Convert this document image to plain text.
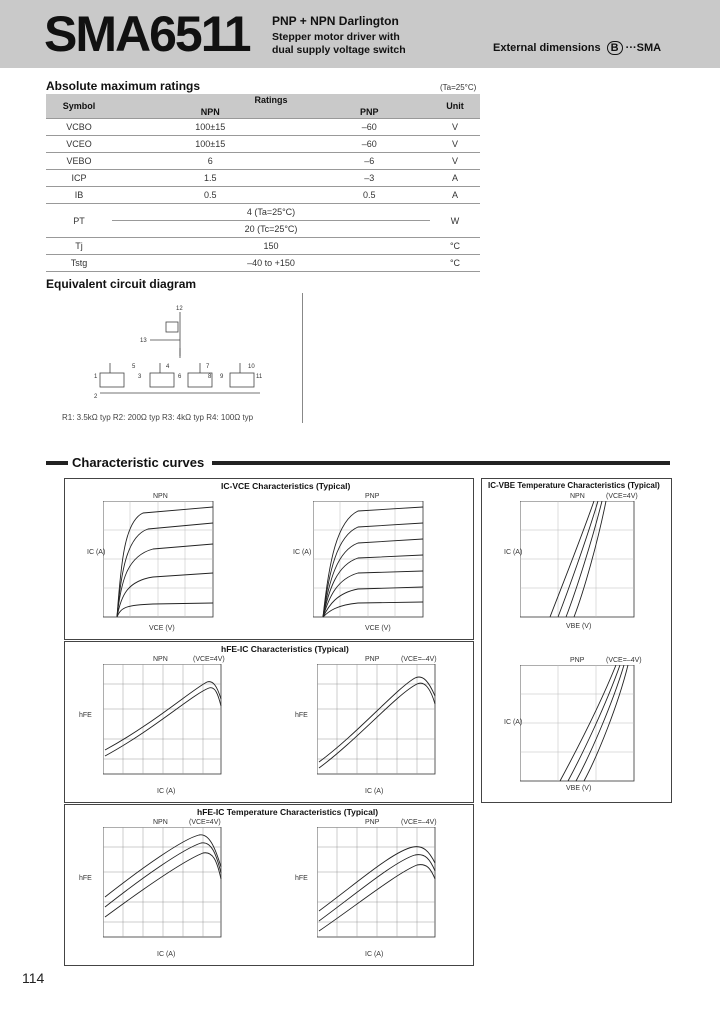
SMA6511 PNP + NPN Darlington
Stepper motor driver with
dual supply voltage switch	External dimensions B ···SMA
Absolute maximum ratings	(Ta=25°C)
Symbol	Ratings		Unit
	NPN	PNP	
VCBO	100±15	–60	V
VCEO	100±15	–60	V
VEBO	6	–6	V
ICP	1.5	–3	A
IB	0.5	0.5	A
PT	4 (Ta=25°C)		W
	20 (Tc=25°C)		
Tj	150		°C
Tstg	–40 to +150		°C
Equivalent circuit diagram
12
13
1
2
3
4
5
6
7
8 9
10
11
R1: 3.5kΩ typ R2: 200Ω typ R3: 4kΩ typ R4: 100Ω typ
Characteristic curves
IC-VCE Characteristics (Typical)
NPN	PNP
VCE (V)	VCE (V)
IC (A)	IC (A)
hFE-IC Characteristics (Typical)
NPN	(VCE=4V)	PNP	(VCE=–4V)
IC (A)	IC (A)
hFE	hFE
hFE-IC Temperature Characteristics (Typical)
NPN	(VCE=4V)	PNP	(VCE=–4V)
IC (A)	IC (A)
hFE	hFE
IC-VBE Temperature Characteristics (Typical)
NPN	(VCE=4V)
VBE (V)
IC (A)
PNP	(VCE=–4V)
VBE (V)
IC (A)
114
